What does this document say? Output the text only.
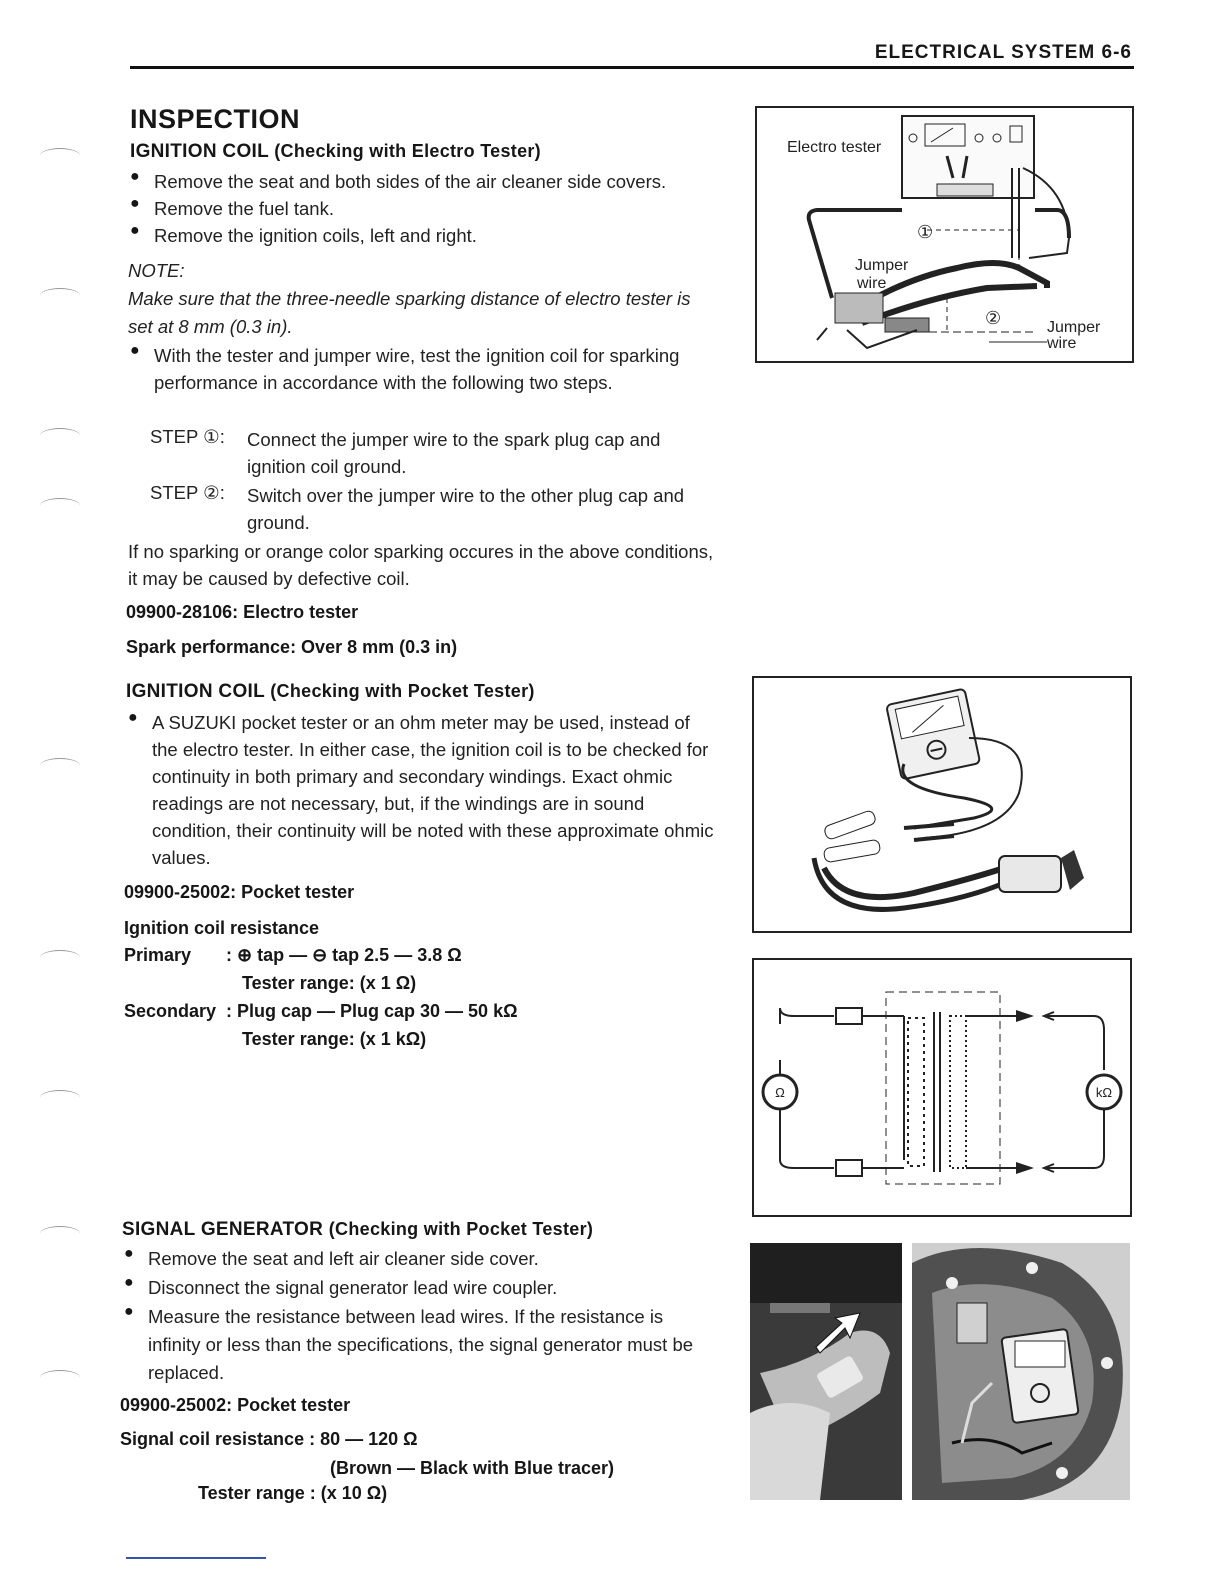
ELECTRICAL SYSTEM 6-6
INSPECTION
IGNITION COIL (Checking with Electro Tester)
● Remove the seat and both sides of the air cleaner side covers.
● Remove the fuel tank.
● Remove the ignition coils, left and right.
NOTE:
Make sure that the three-needle sparking distance of electro tester is set at 8 mm (0.3 in).
● With the tester and jumper wire, test the ignition coil for sparking performance in accordance with the following two steps.
STEP ①: Connect the jumper wire to the spark plug cap and ignition coil ground.
STEP ②: Switch over the jumper wire to the other plug cap and ground.
If no sparking or orange color sparking occures in the above conditions, it may be caused by defective coil.
09900-28106: Electro tester
Spark performance: Over 8 mm (0.3 in)
①
②
Electro tester
Jumper
wire
Jumper
wire
IGNITION COIL (Checking with Pocket Tester)
● A SUZUKI pocket tester or an ohm meter may be used, instead of the electro tester. In either case, the ignition coil is to be checked for continuity in both primary and secondary windings. Exact ohmic readings are not necessary, but, if the windings are in sound condition, their continuity will be noted with these approximate ohmic values.
09900-25002: Pocket tester
Ignition coil resistance
Primary : ⊕ tap — ⊖ tap 2.5 — 3.8 Ω
Tester range: (x 1 Ω)
Secondary : Plug cap — Plug cap 30 — 50 kΩ
Tester range: (x 1 kΩ)
Ω	kΩ
SIGNAL GENERATOR (Checking with Pocket Tester)
● Remove the seat and left air cleaner side cover.
● Disconnect the signal generator lead wire coupler.
● Measure the resistance between lead wires. If the resistance is infinity or less than the specifications, the signal generator must be replaced.
09900-25002: Pocket tester
Signal coil resistance : 80 — 120 Ω
(Brown — Black with Blue tracer)
Tester range : (x 10 Ω)
